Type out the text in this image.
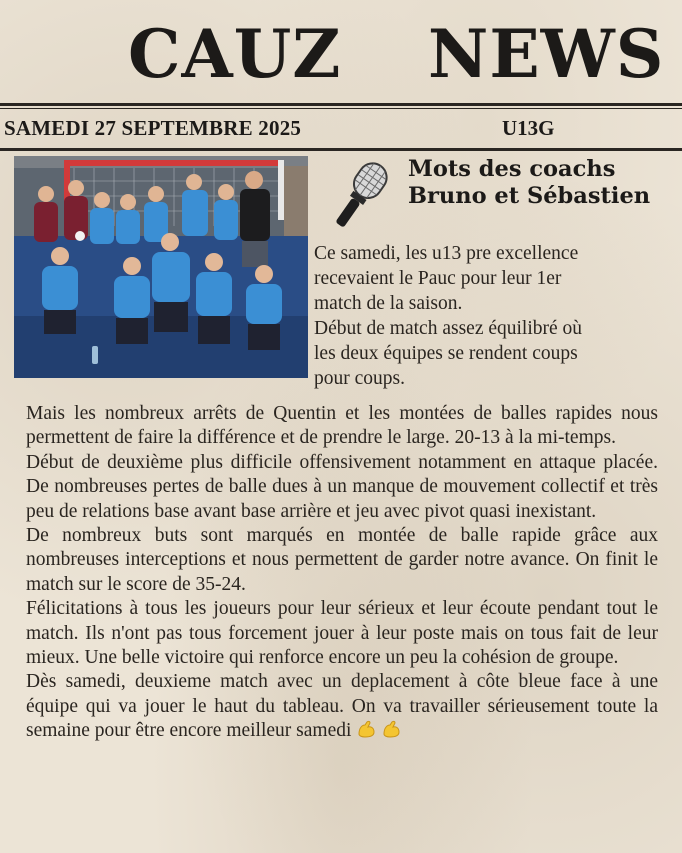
CAUZ NEWS
SAMEDI 27 SEPTEMBRE 2025	U13G
Mots des coachs
Bruno et Sébastien
Ce samedi, les u13 pre excellence
recevaient le Pauc pour leur 1er
match de la saison.
Début de match assez équilibré où
les deux équipes se rendent coups
pour coups.

Mais les nombreux arrêts de Quentin et les montées de balles rapides nous permettent de faire la différence et de prendre le large. 20-13 à la mi-temps.

Début de deuxième plus difficile offensivement notamment en attaque placée. De nombreuses pertes de balle dues à un manque de mouvement collectif et très peu de relations base avant base arrière et jeu avec pivot quasi inexistant.

De nombreux buts sont marqués en montée de balle rapide grâce aux nombreuses interceptions et nous permettent de garder notre avance. On finit le match sur le score de 35-24.

Félicitations à tous les joueurs pour leur sérieux et leur écoute pendant tout le match. Ils n'ont pas tous forcement jouer à leur poste mais on tous fait de leur mieux. Une belle victoire qui renforce encore un peu la cohésion de groupe.

Dès samedi, deuxieme match avec un deplacement à côte bleue face à une équipe qui va jouer le haut du tableau. On va travailler sérieusement toute la semaine pour être encore meilleur samedi
